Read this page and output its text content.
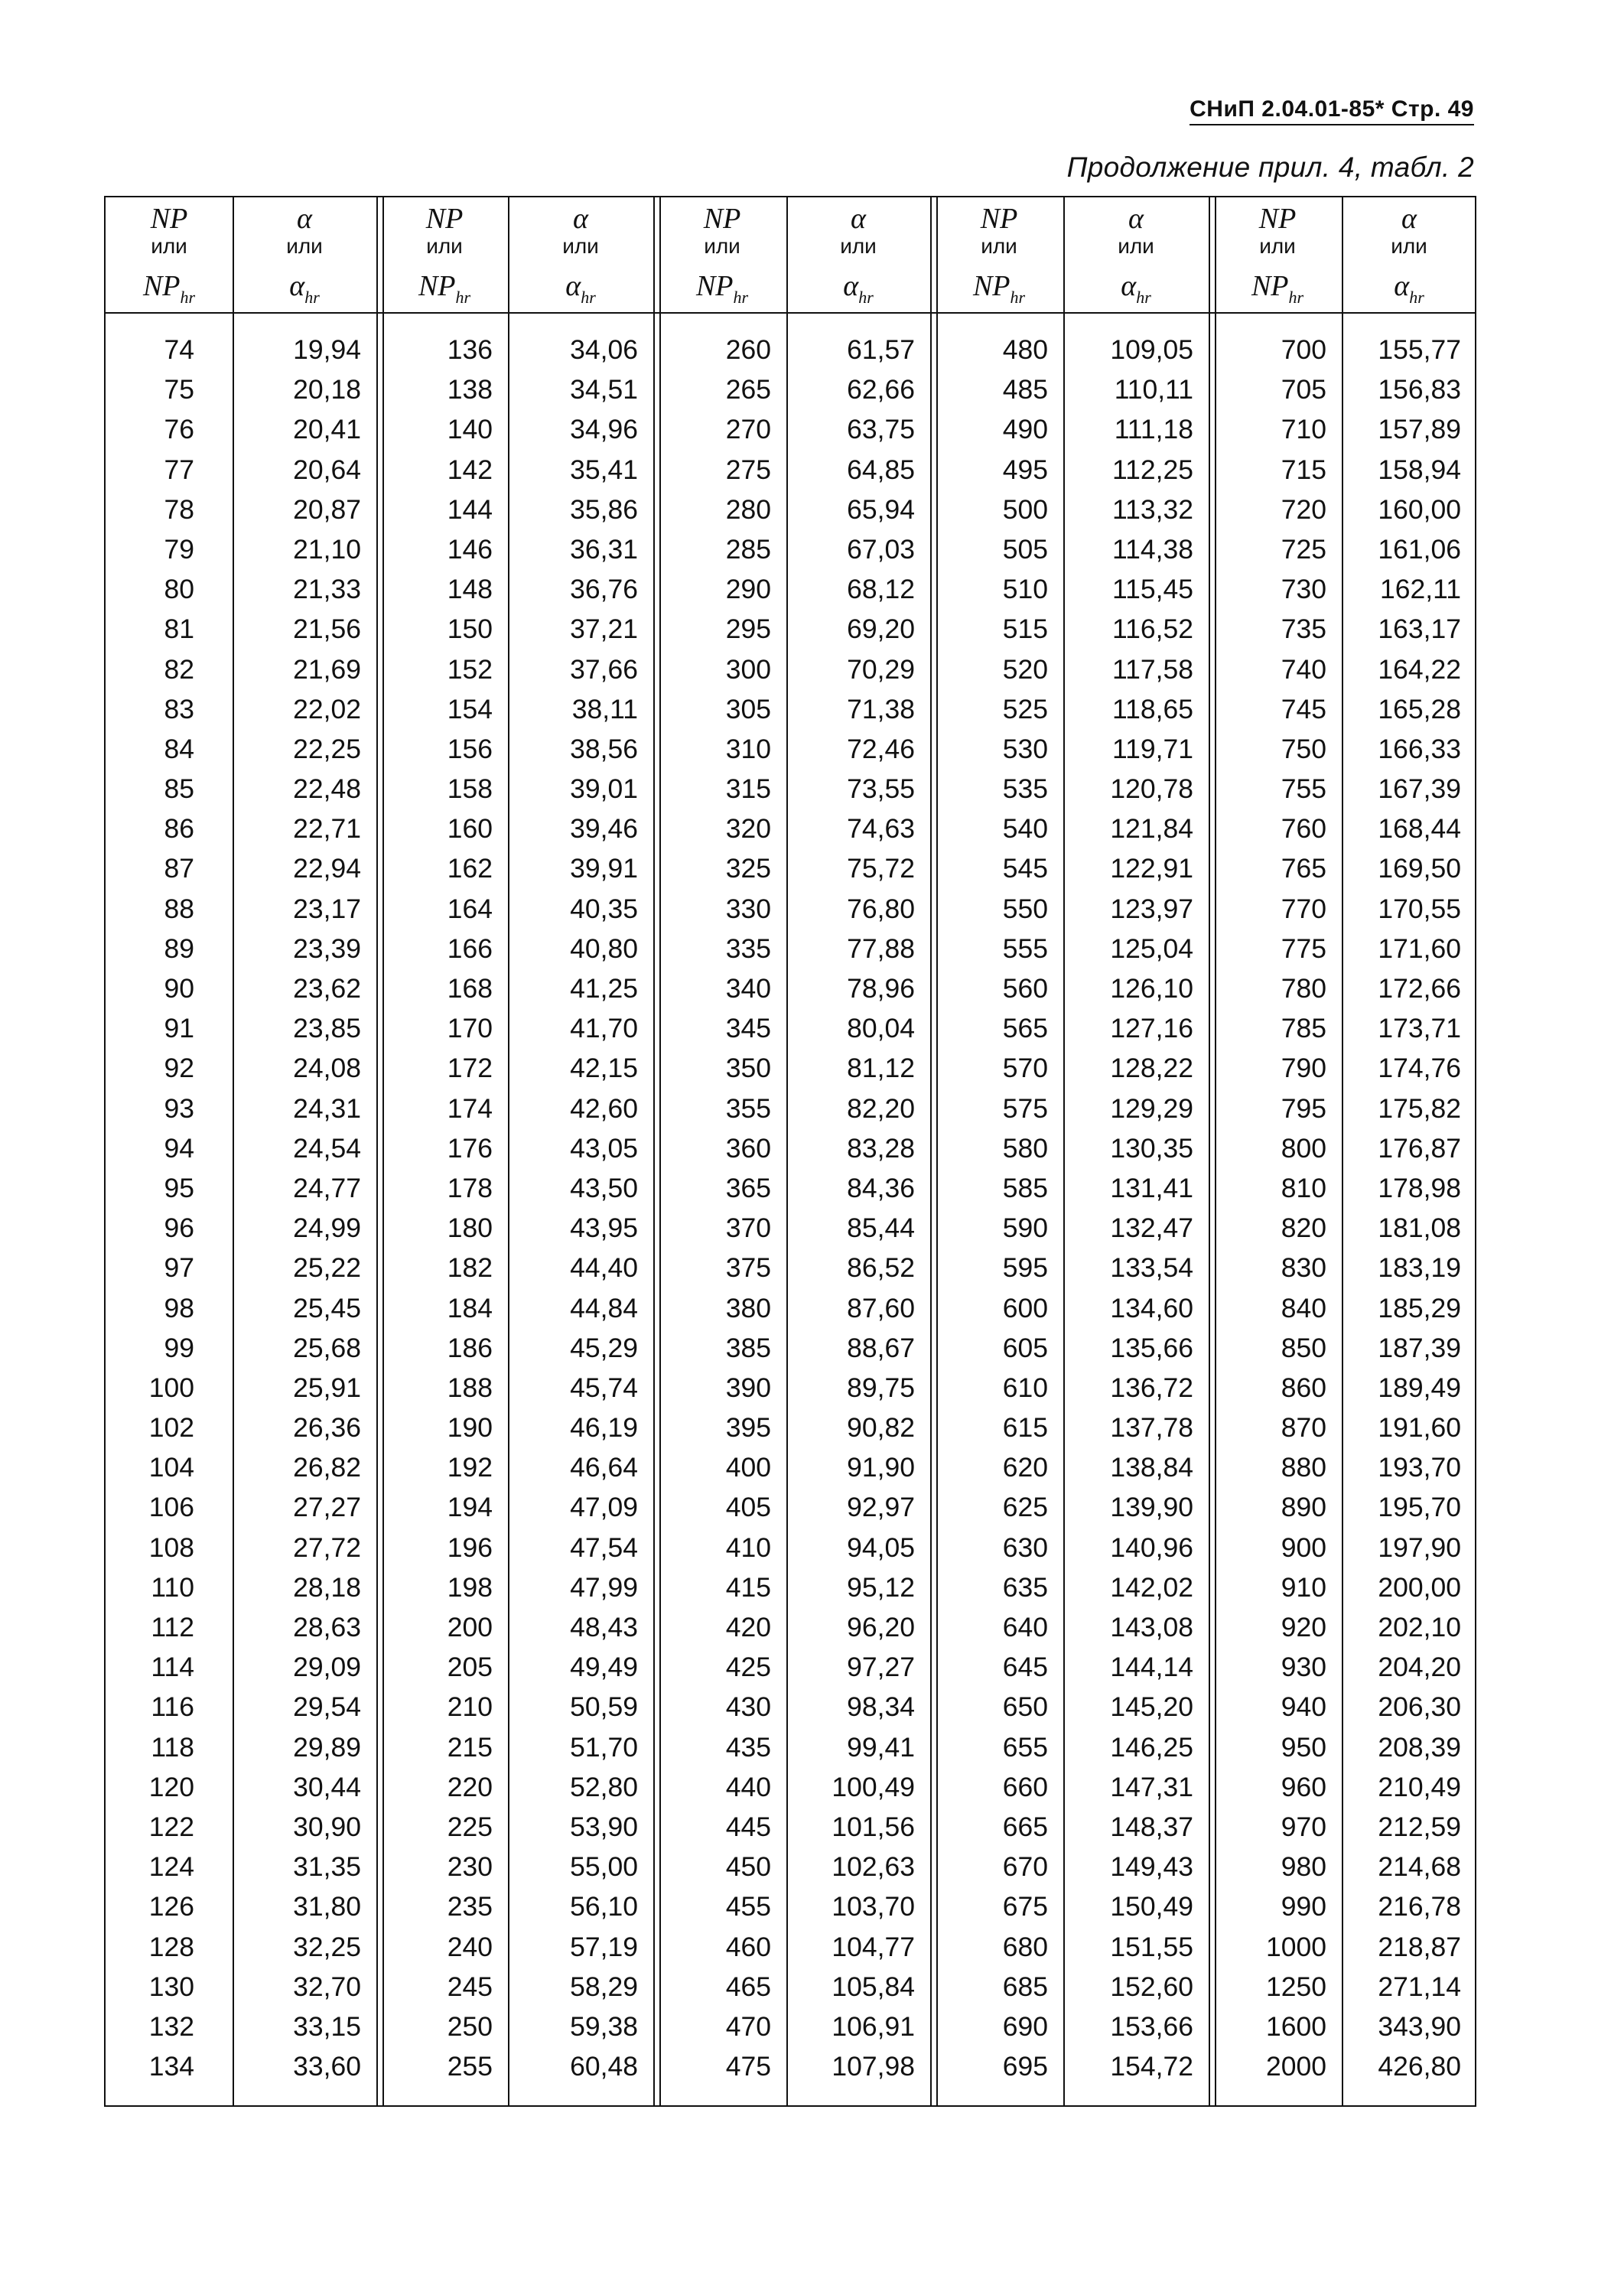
СНиП 2.04.01-85* Стр. 49
Продолжение прил. 4, табл. 2
NP
или
$NP_{hr}$
α
или
$\alpha_{hr}$
74
75
76
77
78
79
80
81
82
83
84
85
86
87
88
89
90
91
92
93
94
95
96
97
98
99
100
102
104
106
108
110
112
114
116
118
120
122
124
126
128
130
132
134
19,94
20,18
20,41
20,64
20,87
21,10
21,33
21,56
21,69
22,02
22,25
22,48
22,71
22,94
23,17
23,39
23,62
23,85
24,08
24,31
24,54
24,77
24,99
25,22
25,45
25,68
25,91
26,36
26,82
27,27
27,72
28,18
28,63
29,09
29,54
29,89
30,44
30,90
31,35
31,80
32,25
32,70
33,15
33,60
NP
или
$NP_{hr}$
α
или
$\alpha_{hr}$
136
138
140
142
144
146
148
150
152
154
156
158
160
162
164
166
168
170
172
174
176
178
180
182
184
186
188
190
192
194
196
198
200
205
210
215
220
225
230
235
240
245
250
255
34,06
34,51
34,96
35,41
35,86
36,31
36,76
37,21
37,66
38,11
38,56
39,01
39,46
39,91
40,35
40,80
41,25
41,70
42,15
42,60
43,05
43,50
43,95
44,40
44,84
45,29
45,74
46,19
46,64
47,09
47,54
47,99
48,43
49,49
50,59
51,70
52,80
53,90
55,00
56,10
57,19
58,29
59,38
60,48
NP
или
$NP_{hr}$
α
или
$\alpha_{hr}$
260
265
270
275
280
285
290
295
300
305
310
315
320
325
330
335
340
345
350
355
360
365
370
375
380
385
390
395
400
405
410
415
420
425
430
435
440
445
450
455
460
465
470
475
61,57
62,66
63,75
64,85
65,94
67,03
68,12
69,20
70,29
71,38
72,46
73,55
74,63
75,72
76,80
77,88
78,96
80,04
81,12
82,20
83,28
84,36
85,44
86,52
87,60
88,67
89,75
90,82
91,90
92,97
94,05
95,12
96,20
97,27
98,34
99,41
100,49
101,56
102,63
103,70
104,77
105,84
106,91
107,98
NP
или
$NP_{hr}$
α
или
$\alpha_{hr}$
480
485
490
495
500
505
510
515
520
525
530
535
540
545
550
555
560
565
570
575
580
585
590
595
600
605
610
615
620
625
630
635
640
645
650
655
660
665
670
675
680
685
690
695
109,05
110,11
111,18
112,25
113,32
114,38
115,45
116,52
117,58
118,65
119,71
120,78
121,84
122,91
123,97
125,04
126,10
127,16
128,22
129,29
130,35
131,41
132,47
133,54
134,60
135,66
136,72
137,78
138,84
139,90
140,96
142,02
143,08
144,14
145,20
146,25
147,31
148,37
149,43
150,49
151,55
152,60
153,66
154,72
NP
или
$NP_{hr}$
α
или
$\alpha_{hr}$
700
705
710
715
720
725
730
735
740
745
750
755
760
765
770
775
780
785
790
795
800
810
820
830
840
850
860
870
880
890
900
910
920
930
940
950
960
970
980
990
1000
1250
1600
2000
155,77
156,83
157,89
158,94
160,00
161,06
162,11
163,17
164,22
165,28
166,33
167,39
168,44
169,50
170,55
171,60
172,66
173,71
174,76
175,82
176,87
178,98
181,08
183,19
185,29
187,39
189,49
191,60
193,70
195,70
197,90
200,00
202,10
204,20
206,30
208,39
210,49
212,59
214,68
216,78
218,87
271,14
343,90
426,80
